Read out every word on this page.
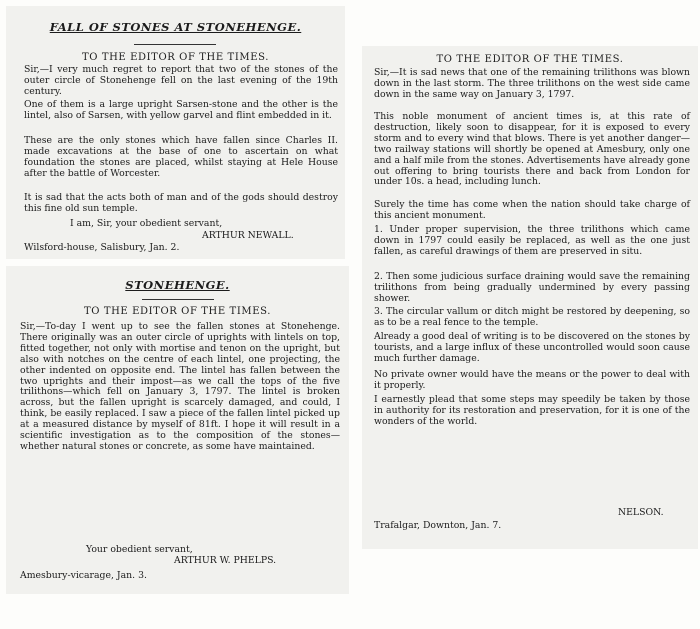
FALL OF STONES AT STONEHENGE.
TO THE EDITOR OF THE TIMES.

Sir,—I very much regret to report that two of the stones of the outer circle of Stonehenge fell on the last evening of the 19th century.

One of them is a large upright Sarsen-stone and the other is the lintel, also of Sarsen, with yellow garvel and flint embedded in it.

These are the only stones which have fallen since Charles II. made excavations at the base of one to ascertain on what foundation the stones are placed, whilst staying at Hele House after the battle of Worcester.

It is sad that the acts both of man and of the gods should destroy this fine old sun temple.

I am, Sir, your obedient servant,
ARTHUR NEWALL.
Wilsford-house, Salisbury, Jan. 2.
STONEHENGE.
TO THE EDITOR OF THE TIMES.

Sir,—To-day I went up to see the fallen stones at Stonehenge. There originally was an outer circle of uprights with lintels on top, fitted together, not only with mortise and tenon on the upright, but also with notches on the centre of each lintel, one projecting, the other indented on opposite end. The lintel has fallen between the two uprights and their impost—as we call the tops of the five trilithons—which fell on January 3, 1797. The lintel is broken across, but the fallen upright is scarcely damaged, and could, I think, be easily replaced. I saw a piece of the fallen lintel picked up at a measured distance by myself of 81ft. I hope it will result in a scientific investigation as to the composition of the stones—whether natural stones or concrete, as some have maintained.

Your obedient servant,
ARTHUR W. PHELPS.
Amesbury-vicarage, Jan. 3.
TO THE EDITOR OF THE TIMES.

Sir,—It is sad news that one of the remaining trilithons was blown down in the last storm. The three trilithons on the west side came down in the same way on January 3, 1797.

This noble monument of ancient times is, at this rate of destruction, likely soon to disappear, for it is exposed to every storm and to every wind that blows. There is yet another danger—two railway stations will shortly be opened at Amesbury, only one and a half mile from the stones. Advertisements have already gone out offering to bring tourists there and back from London for under 10s. a head, including lunch.

Surely the time has come when the nation should take charge of this ancient monument.

1. Under proper supervision, the three trilithons which came down in 1797 could easily be replaced, as well as the one just fallen, as careful drawings of them are preserved in situ.

2. Then some judicious surface draining would save the remaining trilithons from being gradually undermined by every passing shower.

3. The circular vallum or ditch might be restored by deepening, so as to be a real fence to the temple.

Already a good deal of writing is to be discovered on the stones by tourists, and a large influx of these uncontrolled would soon cause much further damage.

No private owner would have the means or the power to deal with it properly.

I earnestly plead that some steps may speedily be taken by those in authority for its restoration and preservation, for it is one of the wonders of the world.

NELSON.
Trafalgar, Downton, Jan. 7.
